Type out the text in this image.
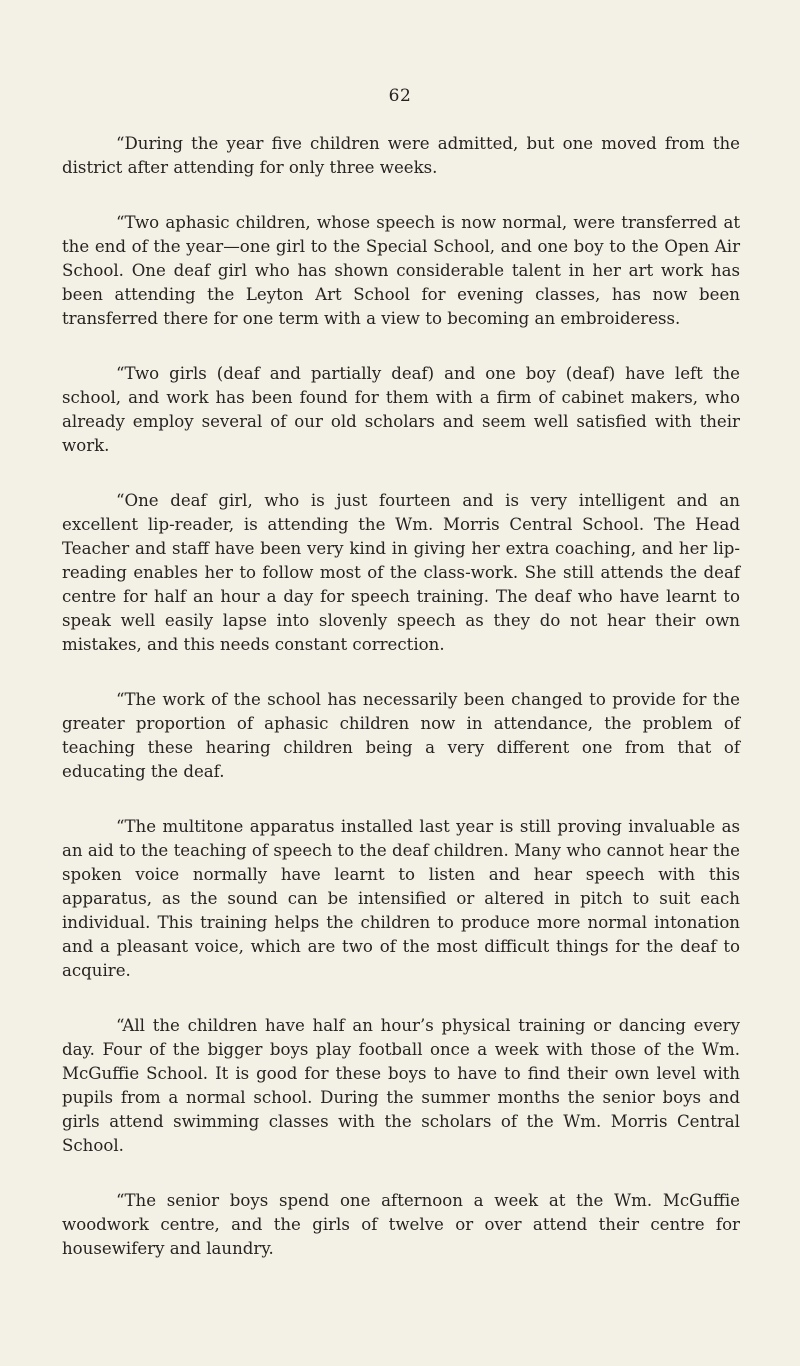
62

“During the year five children were admitted, but one moved from the district after attending for only three weeks.

“Two aphasic children, whose speech is now normal, were transferred at the end of the year—one girl to the Special School, and one boy to the Open Air School. One deaf girl who has shown considerable talent in her art work has been attending the Leyton Art School for evening classes, has now been transferred there for one term with a view to becoming an embroideress.

“Two girls (deaf and partially deaf) and one boy (deaf) have left the school, and work has been found for them with a firm of cabinet makers, who already employ several of our old scholars and seem well satisfied with their work.

“One deaf girl, who is just fourteen and is very intelligent and an excellent lip-reader, is attending the Wm. Morris Central School. The Head Teacher and staff have been very kind in giving her extra coaching, and her lip-reading enables her to follow most of the class-work. She still attends the deaf centre for half an hour a day for speech training. The deaf who have learnt to speak well easily lapse into slovenly speech as they do not hear their own mistakes, and this needs constant correction.

“The work of the school has necessarily been changed to provide for the greater proportion of aphasic children now in attendance, the problem of teaching these hearing children being a very different one from that of educating the deaf.

“The multitone apparatus installed last year is still proving invaluable as an aid to the teaching of speech to the deaf children. Many who cannot hear the spoken voice normally have learnt to listen and hear speech with this apparatus, as the sound can be intensified or altered in pitch to suit each individual. This training helps the children to produce more normal intonation and a pleasant voice, which are two of the most difficult things for the deaf to acquire.

“All the children have half an hour’s physical training or dancing every day. Four of the bigger boys play football once a week with those of the Wm. McGuffie School. It is good for these boys to have to find their own level with pupils from a normal school. During the summer months the senior boys and girls attend swimming classes with the scholars of the Wm. Morris Central School.

“The senior boys spend one afternoon a week at the Wm. McGuffie woodwork centre, and the girls of twelve or over attend their centre for housewifery and laundry.
